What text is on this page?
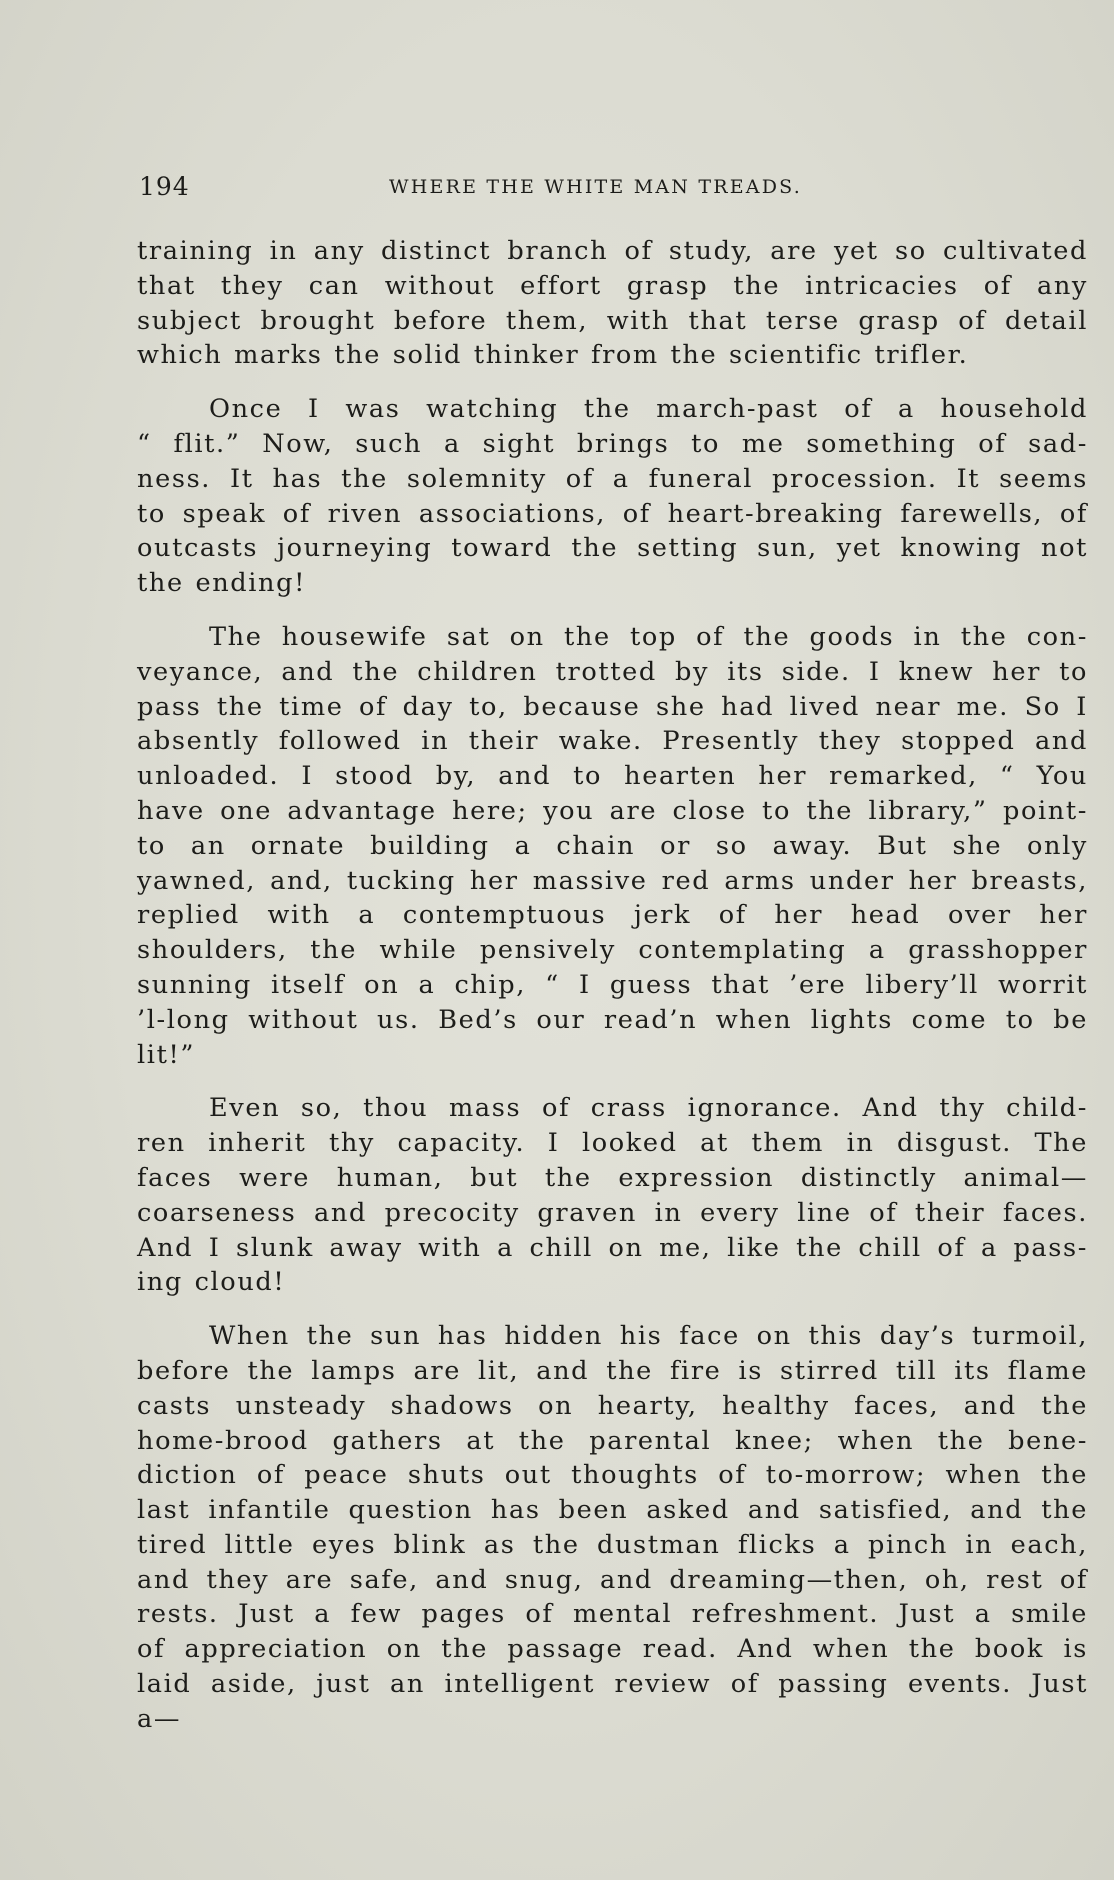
194	WHERE THE WHITE MAN TREADS.
training in any distinct branch of study, are yet so cultivated
that they can without effort grasp the intricacies of any
subject brought before them, with that terse grasp of detail
which marks the solid thinker from the scientific trifler.
Once I was watching the march-past of a household
“ flit.” Now, such a sight brings to me something of sad-
ness. It has the solemnity of a funeral procession. It seems
to speak of riven associations, of heart-breaking farewells, of
outcasts journeying toward the setting sun, yet knowing not
the ending!
The housewife sat on the top of the goods in the con-
veyance, and the children trotted by its side. I knew her to
pass the time of day to, because she had lived near me. So I
absently followed in their wake. Presently they stopped and
unloaded. I stood by, and to hearten her remarked, “ You
have one advantage here; you are close to the library,” point-
to an ornate building a chain or so away. But she only
yawned, and, tucking her massive red arms under her breasts,
replied with a contemptuous jerk of her head over her
shoulders, the while pensively contemplating a grasshopper
sunning itself on a chip, “ I guess that ’ere libery’ll worrit
’l-long without us. Bed’s our read’n when lights come to be
lit!”
Even so, thou mass of crass ignorance. And thy child-
ren inherit thy capacity. I looked at them in disgust. The
faces were human, but the expression distinctly animal—
coarseness and precocity graven in every line of their faces.
And I slunk away with a chill on me, like the chill of a pass-
ing cloud!
When the sun has hidden his face on this day’s turmoil,
before the lamps are lit, and the fire is stirred till its flame
casts unsteady shadows on hearty, healthy faces, and the
home-brood gathers at the parental knee; when the bene-
diction of peace shuts out thoughts of to-morrow; when the
last infantile question has been asked and satisfied, and the
tired little eyes blink as the dustman flicks a pinch in each,
and they are safe, and snug, and dreaming—then, oh, rest of
rests. Just a few pages of mental refreshment. Just a smile
of appreciation on the passage read. And when the book is
laid aside, just an intelligent review of passing events. Just
a—
